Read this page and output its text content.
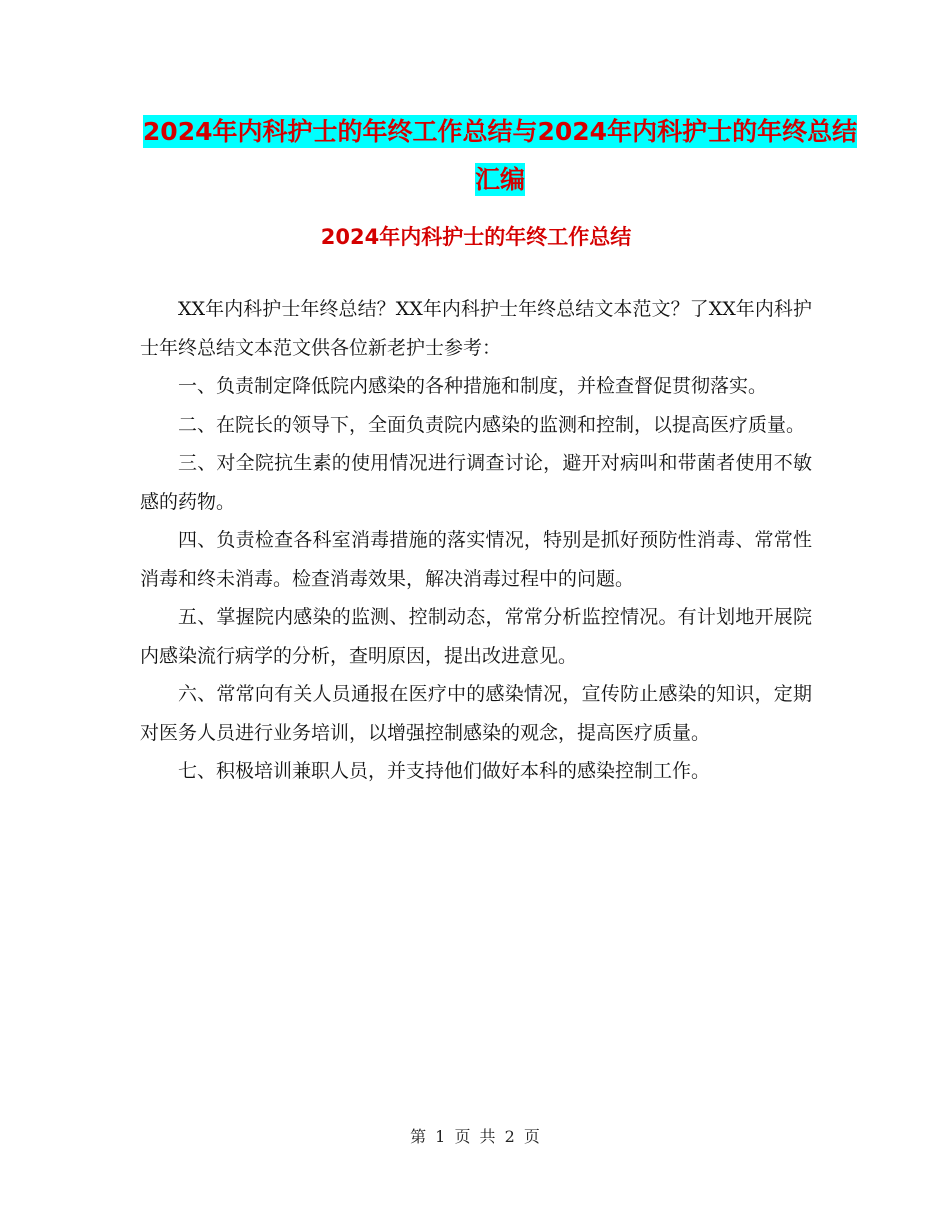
2024年内科护士的年终工作总结与2024年内科护士的年终总结汇编
2024年内科护士的年终工作总结

XX年内科护士年终总结？XX年内科护士年终总结文本范文？了XX年内科护士年终总结文本范文供各位新老护士参考：

一、负责制定降低院内感染的各种措施和制度，并检查督促贯彻落实。

二、在院长的领导下，全面负责院内感染的监测和控制，以提高医疗质量。

三、对全院抗生素的使用情况进行调查讨论，避开对病叫和带菌者使用不敏感的药物。

四、负责检查各科室消毒措施的落实情况，特别是抓好预防性消毒、常常性消毒和终未消毒。检查消毒效果，解决消毒过程中的问题。

五、掌握院内感染的监测、控制动态，常常分析监控情况。有计划地开展院内感染流行病学的分析，查明原因，提出改进意见。

六、常常向有关人员通报在医疗中的感染情况，宣传防止感染的知识，定期对医务人员进行业务培训，以增强控制感染的观念，提高医疗质量。

七、积极培训兼职人员，并支持他们做好本科的感染控制工作。

第 1 页 共 2 页
